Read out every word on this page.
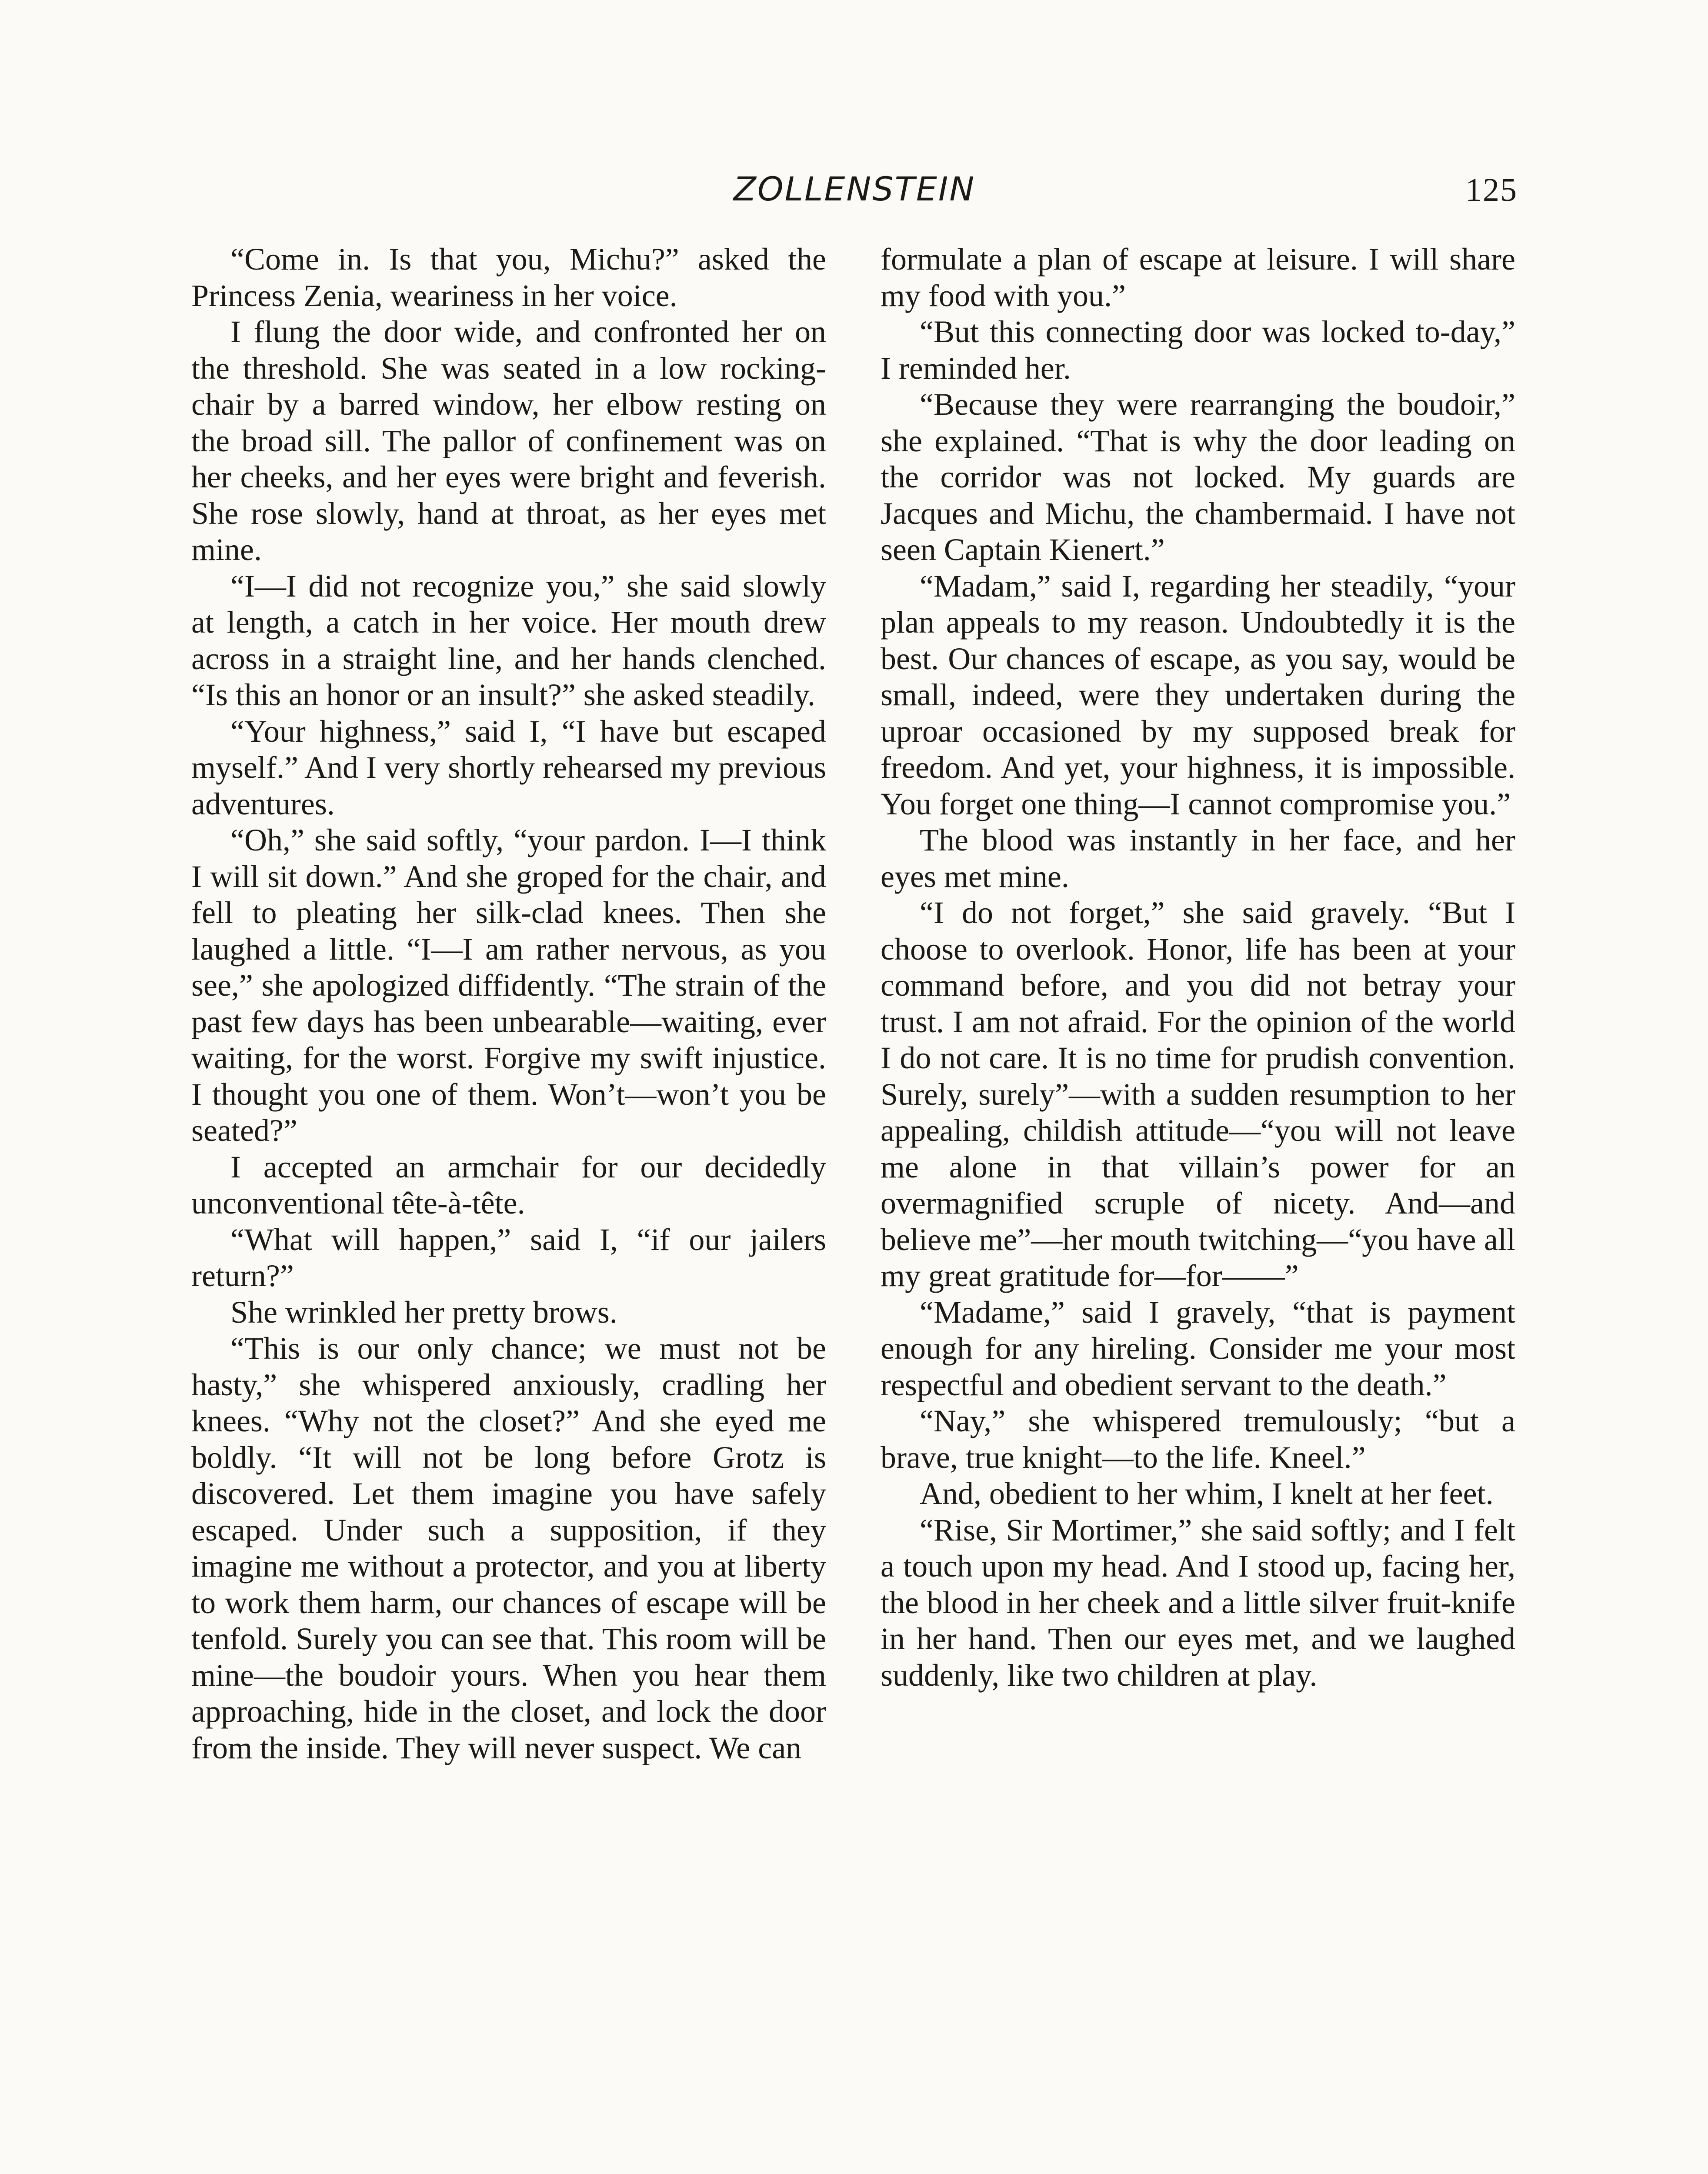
ZOLLENSTEIN	125

“Come in. Is that you, Michu?” asked the Princess Zenia, weariness in her voice.

I flung the door wide, and confronted her on the threshold. She was seated in a low rocking-chair by a barred window, her elbow resting on the broad sill. The pallor of confinement was on her cheeks, and her eyes were bright and feverish. She rose slowly, hand at throat, as her eyes met mine.

“I—I did not recognize you,” she said slowly at length, a catch in her voice. Her mouth drew across in a straight line, and her hands clenched. “Is this an honor or an insult?” she asked steadily.

“Your highness,” said I, “I have but escaped myself.” And I very shortly rehearsed my previous adventures.

“Oh,” she said softly, “your pardon. I—I think I will sit down.” And she groped for the chair, and fell to pleating her silk-clad knees. Then she laughed a little. “I—I am rather nervous, as you see,” she apologized diffidently. “The strain of the past few days has been unbearable—waiting, ever waiting, for the worst. Forgive my swift injustice. I thought you one of them. Won’t—won’t you be seated?”

I accepted an armchair for our decidedly unconventional tête-à-tête.

“What will happen,” said I, “if our jailers return?”

She wrinkled her pretty brows.

“This is our only chance; we must not be hasty,” she whispered anxiously, cradling her knees. “Why not the closet?” And she eyed me boldly. “It will not be long before Grotz is discovered. Let them imagine you have safely escaped. Under such a supposition, if they imagine me without a protector, and you at liberty to work them harm, our chances of escape will be tenfold. Surely you can see that. This room will be mine—the boudoir yours. When you hear them approaching, hide in the closet, and lock the door from the inside. They will never suspect. We can

formulate a plan of escape at leisure. I will share my food with you.”

“But this connecting door was locked to-day,” I reminded her.

“Because they were rearranging the boudoir,” she explained. “That is why the door leading on the corridor was not locked. My guards are Jacques and Michu, the chambermaid. I have not seen Captain Kienert.”

“Madam,” said I, regarding her steadily, “your plan appeals to my reason. Undoubtedly it is the best. Our chances of escape, as you say, would be small, indeed, were they undertaken during the uproar occasioned by my supposed break for freedom. And yet, your highness, it is impossible. You forget one thing—I cannot compromise you.”

The blood was instantly in her face, and her eyes met mine.

“I do not forget,” she said gravely. “But I choose to overlook. Honor, life has been at your command before, and you did not betray your trust. I am not afraid. For the opinion of the world I do not care. It is no time for prudish convention. Surely, surely”—with a sudden resumption to her appealing, childish attitude—“you will not leave me alone in that villain’s power for an overmagnified scruple of nicety. And—and believe me”—her mouth twitching—“you have all my great gratitude for—for——”

“Madame,” said I gravely, “that is payment enough for any hireling. Consider me your most respectful and obedient servant to the death.”

“Nay,” she whispered tremulously; “but a brave, true knight—to the life. Kneel.”

And, obedient to her whim, I knelt at her feet.

“Rise, Sir Mortimer,” she said softly; and I felt a touch upon my head. And I stood up, facing her, the blood in her cheek and a little silver fruit-knife in her hand. Then our eyes met, and we laughed suddenly, like two children at play.
